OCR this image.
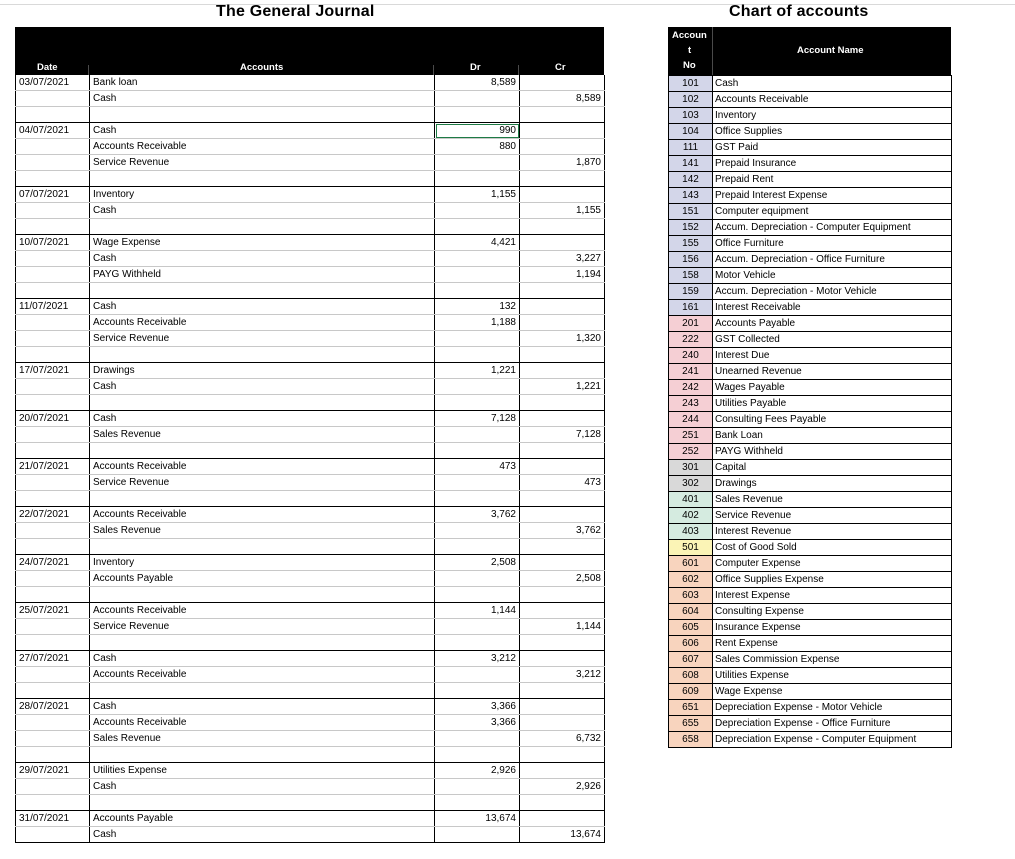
The General Journal	Chart of accounts
Date	Accounts	Dr	Cr
03/07/2021	Bank loan	8,589	
	Cash		8,589

04/07/2021	Cash	990	
	Accounts Receivable	880	
	Service Revenue		1,870

07/07/2021	Inventory	1,155	
	Cash		1,155

10/07/2021	Wage Expense	4,421	
	Cash		3,227
	PAYG Withheld		1,194

11/07/2021	Cash	132	
	Accounts Receivable	1,188	
	Service Revenue		1,320

17/07/2021	Drawings	1,221	
	Cash		1,221

20/07/2021	Cash	7,128	
	Sales Revenue		7,128

21/07/2021	Accounts Receivable	473	
	Service Revenue		473

22/07/2021	Accounts Receivable	3,762	
	Sales Revenue		3,762

24/07/2021	Inventory	2,508	
	Accounts Payable		2,508

25/07/2021	Accounts Receivable	1,144	
	Service Revenue		1,144

27/07/2021	Cash	3,212	
	Accounts Receivable		3,212

28/07/2021	Cash	3,366	
	Accounts Receivable	3,366	
	Sales Revenue		6,732

29/07/2021	Utilities Expense	2,926	
	Cash		2,926

31/07/2021	Accounts Payable	13,674	
	Cash		13,674
Accoun
t
No
Account Name
101	Cash
102	Accounts Receivable
103	Inventory
104	Office Supplies
111	GST Paid
141	Prepaid Insurance
142	Prepaid Rent
143	Prepaid Interest Expense
151	Computer equipment
152	Accum. Depreciation - Computer Equipment
155	Office Furniture
156	Accum. Depreciation - Office Furniture
158	Motor Vehicle
159	Accum. Depreciation - Motor Vehicle
161	Interest Receivable
201	Accounts Payable
222	GST Collected
240	Interest Due
241	Unearned Revenue
242	Wages Payable
243	Utilities Payable
244	Consulting Fees Payable
251	Bank Loan
252	PAYG Withheld
301	Capital
302	Drawings
401	Sales Revenue
402	Service Revenue
403	Interest Revenue
501	Cost of Good Sold
601	Computer Expense
602	Office Supplies Expense
603	Interest Expense
604	Consulting Expense
605	Insurance Expense
606	Rent Expense
607	Sales Commission Expense
608	Utilities Expense
609	Wage Expense
651	Depreciation Expense - Motor Vehicle
655	Depreciation Expense - Office Furniture
658	Depreciation Expense - Computer Equipment
